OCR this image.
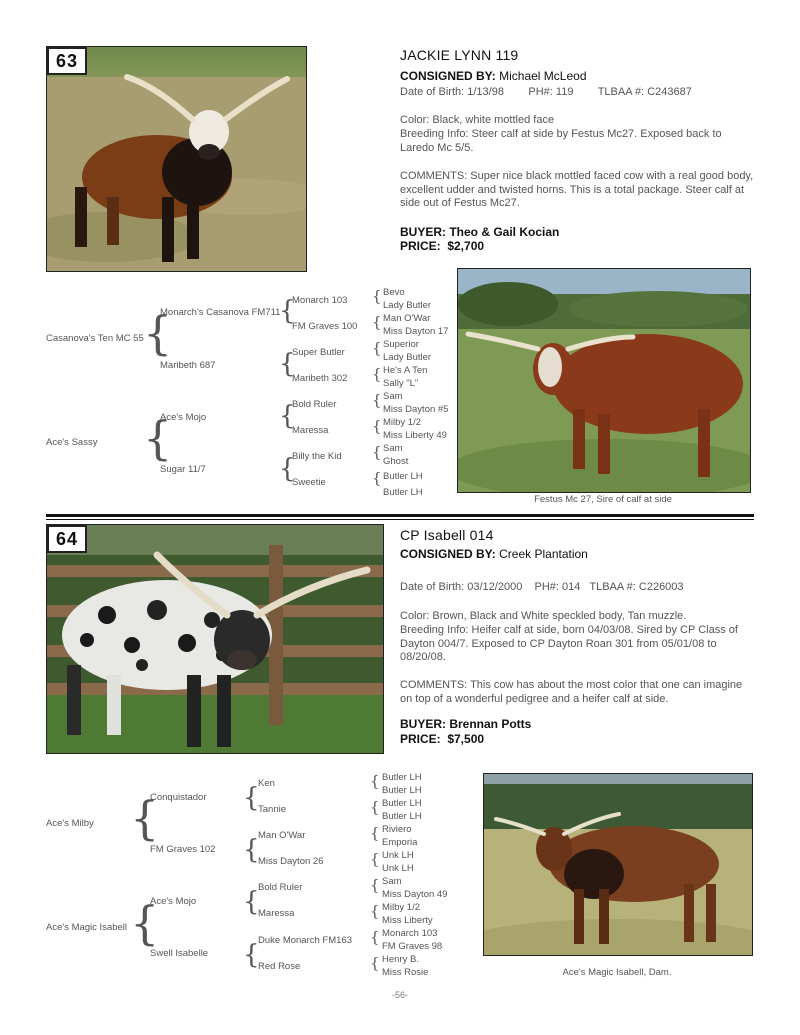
63	JACKIE LYNN 119
CONSIGNED BY: Michael McLeod
Date of Birth: 1/13/98        PH#: 119        TLBAA #: C243687
Color: Black, white mottled face
Breeding Info: Steer calf at side by Festus Mc27. Exposed back to Laredo Mc 5/5.
COMMENTS: Super nice black mottled faced cow with a real good body, excellent udder and twisted horns. This is a total package. Steer calf at side out of Festus Mc27.
BUYER: Theo & Gail Kocian
PRICE:  $2,700
Casanova's Ten MC 55
Ace's Sassy
{
{
Monarch's Casanova FM711
Maribeth 687
Ace's Mojo
Sugar 11/7
{
{
{
{
Monarch 103
FM Graves 100
Super Butler
Maribeth 302
Bold Ruler
Maressa
Billy the Kid
Sweetie
{
{
{
{
{
{
{
{
Bevo
Lady Butler
Man O'War
Miss Dayton 17
Superior
Lady Butler
He's A Ten
Sally "L"
Sam
Miss Dayton #5
Milby 1/2
Miss Liberty 49
Sam
Ghost
Butler LH
Butler LH
Festus Mc 27, Sire of calf at side
64	CP Isabell 014
CONSIGNED BY: Creek Plantation
Date of Birth: 03/12/2000    PH#: 014   TLBAA #: C226003
Color: Brown, Black and White speckled body, Tan muzzle.
Breeding Info: Heifer calf at side, born 04/03/08. Sired by CP Class of Dayton 004/7. Exposed to CP Dayton Roan 301 from 05/01/08 to 08/20/08.
COMMENTS: This cow has about the most color that one can imagine on top of a wonderful pedigree and a heifer calf at side.
BUYER: Brennan Potts
PRICE:  $7,500
Ace's Milby
Ace's Magic Isabell
{
{
Conquistador
FM Graves 102
Ace's Mojo
Swell Isabelle
{
{
{
{
Ken
Tannie
Man O'War
Miss Dayton 26
Bold Ruler
Maressa
Duke Monarch FM163
Red Rose
{
{
{
{
{
{
{
{
Butler LH
Butler LH
Butler LH
Butler LH
Riviero
Emporia
Unk LH
Unk LH
Sam
Miss Dayton 49
Milby 1/2
Miss Liberty
Monarch 103
FM Graves 98
Henry B.
Miss Rosie	Ace's Magic Isabell, Dam.
-56-
